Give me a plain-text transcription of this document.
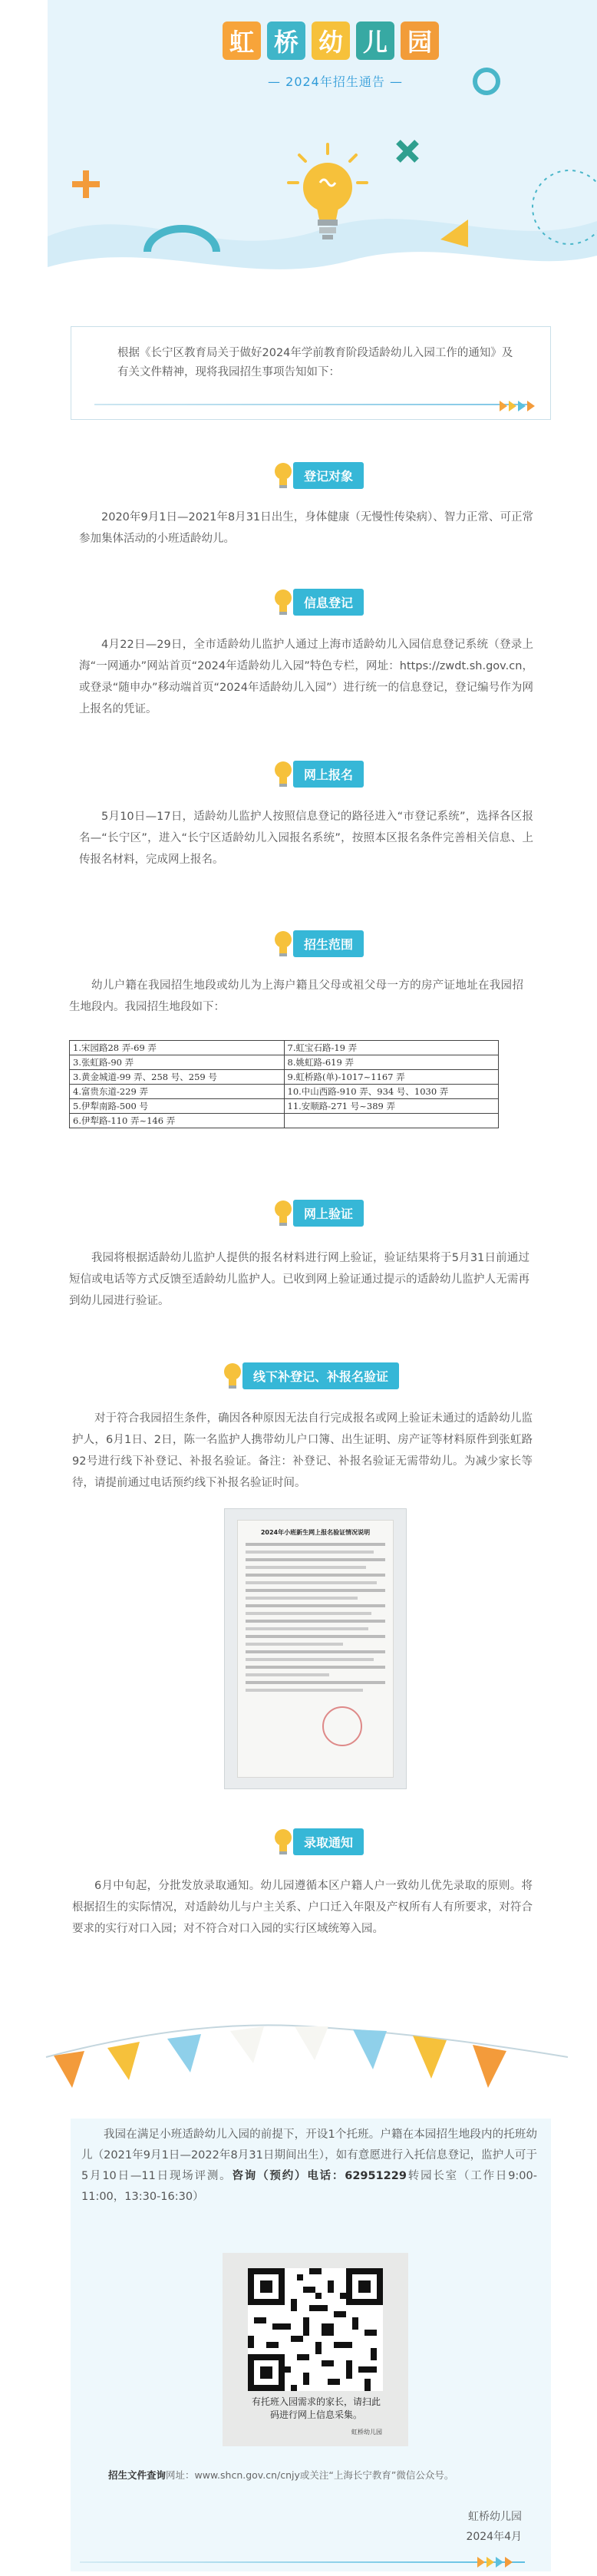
虹 桥 幼 儿 园
— 2024年招生通告 —
根据《长宁区教育局关于做好2024年学前教育阶段适龄幼儿入园工作的通知》及有关文件精神，现将我园招生事项告知如下：
登记对象
2020年9月1日—2021年8月31日出生，身体健康（无慢性传染病）、智力正常、可正常参加集体活动的小班适龄幼儿。
信息登记
4月22日—29日，全市适龄幼儿监护人通过上海市适龄幼儿入园信息登记系统（登录上海“一网通办”网站首页“2024年适龄幼儿入园”特色专栏，网址：https://zwdt.sh.gov.cn，或登录“随申办”移动端首页“2024年适龄幼儿入园”）进行统一的信息登记，登记编号作为网上报名的凭证。
网上报名
5月10日—17日，适龄幼儿监护人按照信息登记的路径进入“市登记系统”，选择各区报名—“长宁区”，进入“长宁区适龄幼儿入园报名系统”，按照本区报名条件完善相关信息、上传报名材料，完成网上报名。
招生范围
幼儿户籍在我园招生地段或幼儿为上海户籍且父母或祖父母一方的房产证地址在我园招生地段内。我园招生地段如下：
1.宋园路28 弄-69 弄	7.虹宝石路-19 弄
3.张虹路-90 弄	8.姚虹路-619 弄
3.黄金城道-99 弄、258 号、259 号	9.虹桥路(单)-1017~1167 弄
4.富贵东道-229 弄	10.中山西路-910 弄、934 号、1030 弄
5.伊犁南路-500 号	11.安顺路-271 号~389 弄
6.伊犁路-110 弄~146 弄	
网上验证
我园将根据适龄幼儿监护人提供的报名材料进行网上验证，验证结果将于5月31日前通过短信或电话等方式反馈至适龄幼儿监护人。已收到网上验证通过提示的适龄幼儿监护人无需再到幼儿园进行验证。
线下补登记、补报名验证
对于符合我园招生条件，确因各种原因无法自行完成报名或网上验证未通过的适龄幼儿监护人，6月1日、2日，陈一名监护人携带幼儿户口簿、出生证明、房产证等材料原件到张虹路92号进行线下补登记、补报名验证。备注：补登记、补报名验证无需带幼儿。为减少家长等待，请提前通过电话预约线下补报名验证时间。
2024年小班新生网上报名验证情况说明
录取通知
6月中旬起，分批发放录取通知。幼儿园遵循本区户籍人户一致幼儿优先录取的原则。将根据招生的实际情况，对适龄幼儿与户主关系、户口迁入年限及产权所有人有所要求，对符合要求的实行对口入园；对不符合对口入园的实行区域统筹入园。
我园在满足小班适龄幼儿入园的前提下，开设1个托班。户籍在本园招生地段内的托班幼儿（2021年9月1日—2022年8月31日期间出生），如有意愿进行入托信息登记，监护人可于5月10日—11日现场评测。咨询（预约）电话：62951229转园长室（工作日9:00-11:00，13:30-16:30）
有托班入园需求的家长，请扫此码进行网上信息采集。
虹桥幼儿园
招生文件查询网址：www.shcn.gov.cn/cnjy或关注“上海长宁教育”微信公众号。
虹桥幼儿园
2024年4月
